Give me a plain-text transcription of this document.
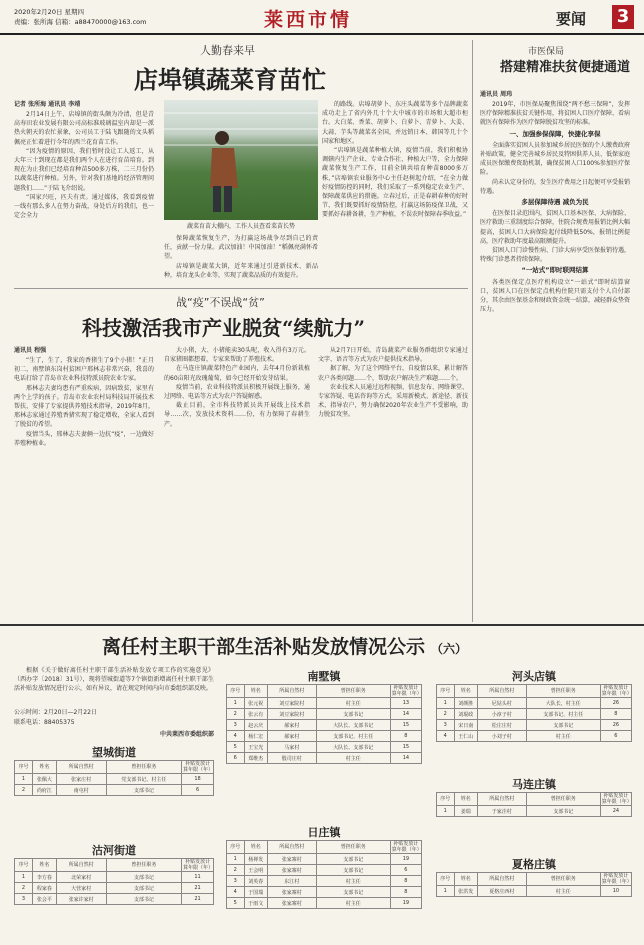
2020年2月20日 星期四
责编：张所海 信箱：a88470000@163.com	莱西市情	要闻 3
人勤春来早
店埠镇蔬菜育苗忙
记者 张所海 通讯员 李靖

2月14日上午，店埠镇的街头颇为冷清，但是青高寿田农业发展有限公司高标准玻璃温室内却是一派热火朝天的农忙景象，公司员工于陆飞跟随的文头稻佩亮正忙着进行今年的西兰花育苗工作。

“因为疫情的原因，我们暂时没让工人返工，从大年三十到现在都是我们两个人在进行育苗培育。到现在为止我们已经培育种苗500多万株，二三月份仍以蔬菜进行种植。另外，针对我们基地的经济管理问题我们……”于陆飞介绍说。

“国家兴旺，匹夫有责。通过媒体，我看到疫情一线有那么多人在努力奋战，身处后方的我们，也一定会全力

蔬菜育苗大棚内，工作人员查看菜苗长势

保障蔬菜恢复生产，为打赢这场战争尽到自己的责任，贡献一份力量。武汉加油！中国加油！”稻佩亮满怀希望。

店埠镇是蔬菜大镇，近年来通过引进新技术、新品种，培育龙头企业等，实现了蔬菜品质的有效提升。

的路线。店埠胡萝卜、东庄头蔬菜等多个品牌蔬菜成功走上了省内外几十个大中城市的市场和大超市柜台。大白菜、香菜、胡萝卜、白萝卜、青萝卜、大姜、大蒜、芋头等蔬菜名全国，并远销日本、韩国等几十个国家和地区。

“店埠镇是蔬菜种植大镇，疫情当前，我们积极协调辖内生产企业、专业合作社、种植大户等，全力保障蔬菜恢复生产工作，目前全镇共培育种苗8000多万株，”店埠镇农业服务中心主任赵树起介绍，“在全力做好疫情防控的同时，我们采取了一系列稳定农业生产、保障蔬菜供应的措施。立春过后，正是春耕春种的好时节，我们既要抓好疫情防控，打赢这场防疫保卫战，又要抓好春耕备耕，生产种植，不误农时保障春季收益。”

市医保局
搭建精准扶贫便捷通道
通讯员 周玮

2019年，市医保局聚焦围绕“两不愁三保障”，发挥医疗保障精准扶贫关键作用，将贫困人口医疗保障、看病就医有保障作为医疗保障脱贫攻坚的标准。

一、加强参保保障，快捷化享保

全面落实贫困人员参加城乡居民医保的个人缴费政府补贴政策，健全完善城乡居民及特困供养人员、低保家庭成员医保缴费资助机制，确保贫困人口100%参加医疗保险。

尚未认定身份的，发生医疗费用之日起便可享受报销待遇。

多层保障待遇 减负为民

在医保目录范围内，贫困人口基本医保、大病保险、医疗救助三重制度综合保障，住院合规费用报销比例大幅提高，贫困人口大病保险起付线降低50%，报销比例提高，医疗救助年度最高限额提升。

贫困人口门诊慢性病、门诊大病享受医保报销待遇，特殊门诊患者持续保障。

“一站式”即时联网结算

各类医保定点医疗机构设立“一站式”即时结算窗口，贫困人口在医保定点机构住院只需支付个人自付部分，其余由医保基金和财政资金统一结算，减轻群众垫资压力。

战“疫”不误战“贫”
科技激活我市产业脱贫“续航力”
通讯员 程强

“生了，生了，我家的香猪生了9个小猪！”正月初二，南墅镇东岗村贫困户邢林志非常兴奋，我喜的电话打给了青岛市农业科技特派员院农业专家。

邢林志夫妻均患有严重疾病，因病致贫，家里有两个上学的孩子。青岛市农业农村局科技局开展技术帮扶，安排了专家提供养殖技术指导，2019年8月，邢林志家通过养殖香猪实现了稳定增收，全家人看到了脱贫的希望。

疫情当头，邢林志夫妻俩一边抗“疫”，一边做好养殖种植业。

大小猪，大、小猪能卖30头呢，收入得有3万元。自家猪圈都想着，专家来帮助了养殖技术。

在马连庄镇蔬菜特色产业园内，去年4月份新栽植的60亩阳光玫瑰葡萄，如今已经开始发芽结果。

疫情当前，农业科技特派员积极开展线上服务，通过网络、电话等方式为农户答疑解惑。

截止目前，全市科技特派员共开展线上技术指导……次，发放技术资料……份，有力保障了春耕生产。

从2月7日开始，青岛蔬菜产业服务群组织专家通过文字、语音等方式为农户提供技术指导。

据了解，为了这个网络平台，自疫情以来，累计解答农户各类问题……个，帮助农户解决生产难题……个。

农业技术人员通过远程视频、信息发布、网络课堂、专家答疑、电话咨询等方式，采用新模式、新途径、新技术，指导农户，努力确保2020年农业生产不受影响，助力脱贫攻坚。

离任村主职干部生活补贴发放情况公示 （六）

根据《关于做好离任村主职干部生活补贴发放专项工作的实施意见》（西办字〔2018〕31号），现将望城街道等7个镇街新增离任村主职干部生活补贴发放情况进行公示，如有异议，请在规定时间内向市委组织部反映。

公示时间：2月20日—2月22日
联系电话：88405375
中共莱西市委组织部
望城街道
序号	姓名	所属自然村	曾担任职务	补贴发放计算年限（年）
1	张佩大	张家庄村	党支部书记、村主任	18
2	尚府江	南屯村	支部书记	6
沽河街道
序号	姓名	所属自然村	曾担任职务	补贴发放计算年限（年）
1	李方春	北荣家村	支部书记	11
2	程家春	大营家村	支部书记	21
3	张会平	张家许家村	支部书记	21
南墅镇
序号	姓名	所属自然村	曾担任职务	补贴发放计算年限（年）
1	张元祝	刘豆家院村	村主任	13
2	张云有	刘豆家院村	支部书记	14
3	赵云庆	郝家村	大队长、支部书记	15
4	杨仁宏	郝家村	支部书记、村主任	8
5	王宝光	马家村	大队长、支部书记	15
6	郑维杰	殷司庄村	村主任	14
日庄镇
序号	姓名	所属自然村	曾担任职务	补贴发放计算年限（年）
1	杨禅发	张家寨村	支部书记	19
2	王会明	张家寨村	支部书记	6
3	刘英春	东江村	村主任	8
4	于国瑞	张家寨村	支部书记	8
5	于雨文	张家寨村	村主任	19
河头店镇
序号	姓名	所属自然村	曾担任职务	补贴发放计算年限（年）
1	刘颜胜	尼姑头村	大队长、村主任	26
2	刘琨政	小淳子村	支部书记、村主任	8
3	宋日南	松庄庄村	支部书记	26
4	王仁山	小刘子村	村主任	6
马连庄镇
序号	姓名	所属自然村	曾担任职务	补贴发放计算年限（年）
1	姜瑞	于家洼村	支部书记	24
夏格庄镇
序号	姓名	所属自然村	曾担任职务	补贴发放计算年限（年）
1	张洪发	夏格庄西村	村主任	10
